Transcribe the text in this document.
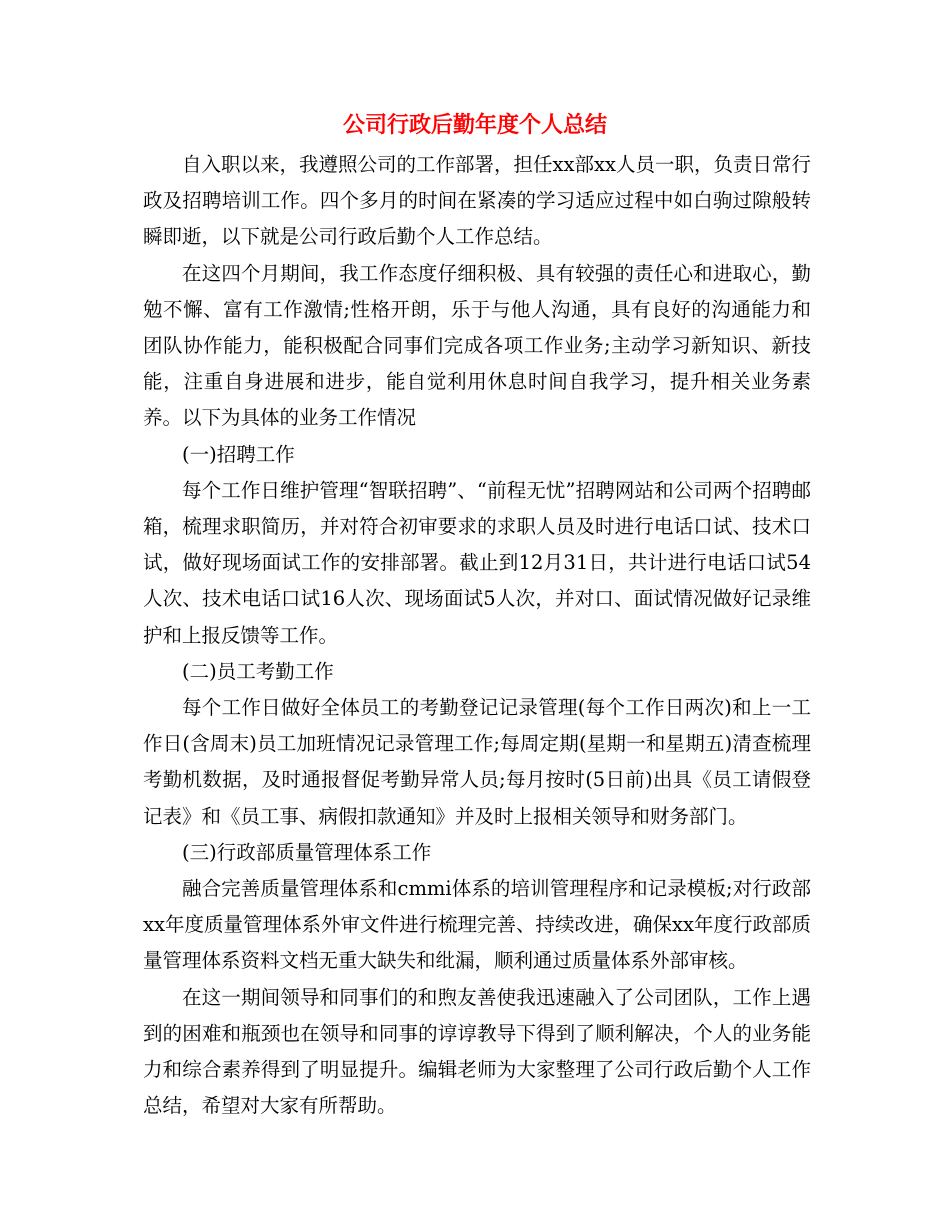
公司行政后勤年度个人总结

自入职以来，我遵照公司的工作部署，担任xx部xx人员一职，负责日常行政及招聘培训工作。四个多月的时间在紧凑的学习适应过程中如白驹过隙般转瞬即逝，以下就是公司行政后勤个人工作总结。

在这四个月期间，我工作态度仔细积极、具有较强的责任心和进取心，勤勉不懈、富有工作激情;性格开朗，乐于与他人沟通，具有良好的沟通能力和团队协作能力，能积极配合同事们完成各项工作业务;主动学习新知识、新技能，注重自身进展和进步，能自觉利用休息时间自我学习，提升相关业务素养。以下为具体的业务工作情况

(一)招聘工作

每个工作日维护管理“智联招聘”、“前程无忧”招聘网站和公司两个招聘邮箱，梳理求职简历，并对符合初审要求的求职人员及时进行电话口试、技术口试，做好现场面试工作的安排部署。截止到12月31日，共计进行电话口试54人次、技术电话口试16人次、现场面试5人次，并对口、面试情况做好记录维护和上报反馈等工作。

(二)员工考勤工作

每个工作日做好全体员工的考勤登记记录管理(每个工作日两次)和上一工作日(含周末)员工加班情况记录管理工作;每周定期(星期一和星期五)清查梳理考勤机数据，及时通报督促考勤异常人员;每月按时(5日前)出具《员工请假登记表》和《员工事、病假扣款通知》并及时上报相关领导和财务部门。

(三)行政部质量管理体系工作

融合完善质量管理体系和cmmi体系的培训管理程序和记录模板;对行政部xx年度质量管理体系外审文件进行梳理完善、持续改进，确保xx年度行政部质量管理体系资料文档无重大缺失和纰漏，顺利通过质量体系外部审核。

在这一期间领导和同事们的和煦友善使我迅速融入了公司团队，工作上遇到的困难和瓶颈也在领导和同事的谆谆教导下得到了顺利解决，个人的业务能力和综合素养得到了明显提升。编辑老师为大家整理了公司行政后勤个人工作总结，希望对大家有所帮助。
